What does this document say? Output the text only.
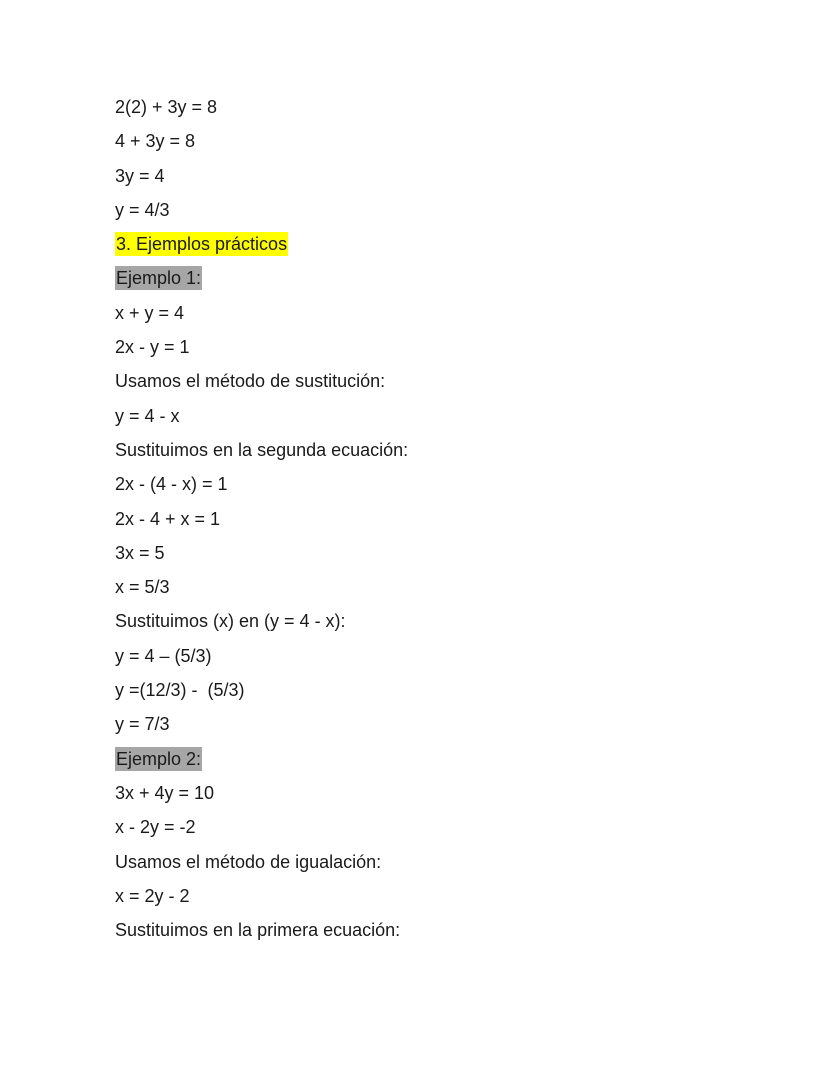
2(2) + 3y = 8
4 + 3y = 8
3y = 4
y = 4/3
3. Ejemplos prácticos
Ejemplo 1:
x + y = 4
2x - y = 1
Usamos el método de sustitución:
y = 4 - x
Sustituimos en la segunda ecuación:
2x - (4 - x) = 1
2x - 4 + x = 1
3x = 5
x = 5/3
Sustituimos (x) en (y = 4 - x):
y = 4 – (5/3)
y =(12/3) -  (5/3)
y = 7/3
Ejemplo 2:
3x + 4y = 10
x - 2y = -2
Usamos el método de igualación:
x = 2y - 2
Sustituimos en la primera ecuación:
